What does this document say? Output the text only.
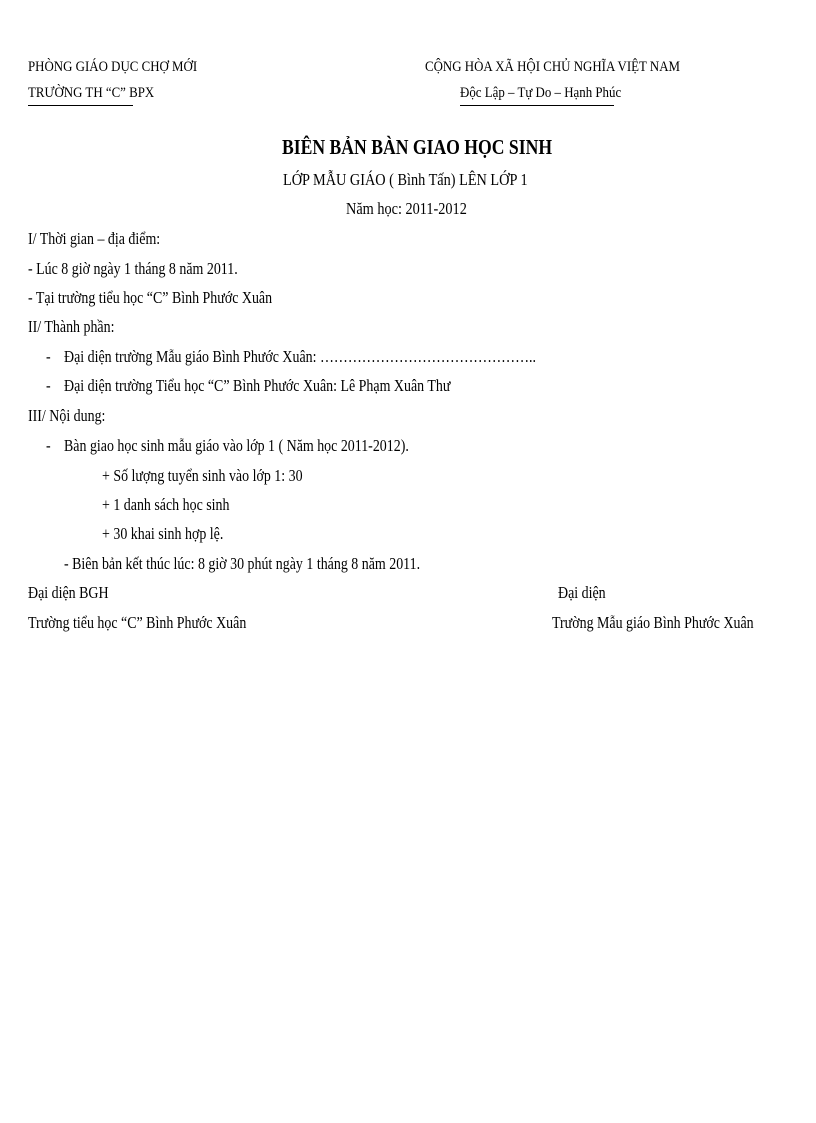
PHÒNG GIÁO DỤC CHỢ MỚI
TRƯỜNG TH “C” BPX
CỘNG HÒA XÃ HỘI CHỦ NGHĨA VIỆT NAM
Độc Lập – Tự Do – Hạnh Phúc
BIÊN BẢN BÀN GIAO HỌC SINH
LỚP MẪU GIÁO ( Bình Tấn) LÊN LỚP 1
Năm học: 2011-2012
I/ Thời gian – địa điểm:
- Lúc 8 giờ ngày 1 tháng 8 năm 2011.
- Tại trường tiểu học “C” Bình Phước Xuân
II/ Thành phần:
- Đại diện trường Mẫu giáo Bình Phước Xuân: ………………………………………..
- Đại diện trường Tiểu học “C” Bình Phước Xuân: Lê Phạm Xuân Thư
III/ Nội dung:
- Bàn giao học sinh mẫu giáo vào lớp 1 ( Năm học 2011-2012).
+ Số lượng tuyển sinh vào lớp 1: 30
+ 1 danh sách học sinh
+ 30 khai sinh hợp lệ.
- Biên bản kết thúc lúc: 8 giờ 30 phút ngày 1 tháng 8 năm 2011.
Đại diện BGH
Trường tiểu học “C” Bình Phước Xuân
Đại diện
Trường Mẫu giáo Bình Phước Xuân
